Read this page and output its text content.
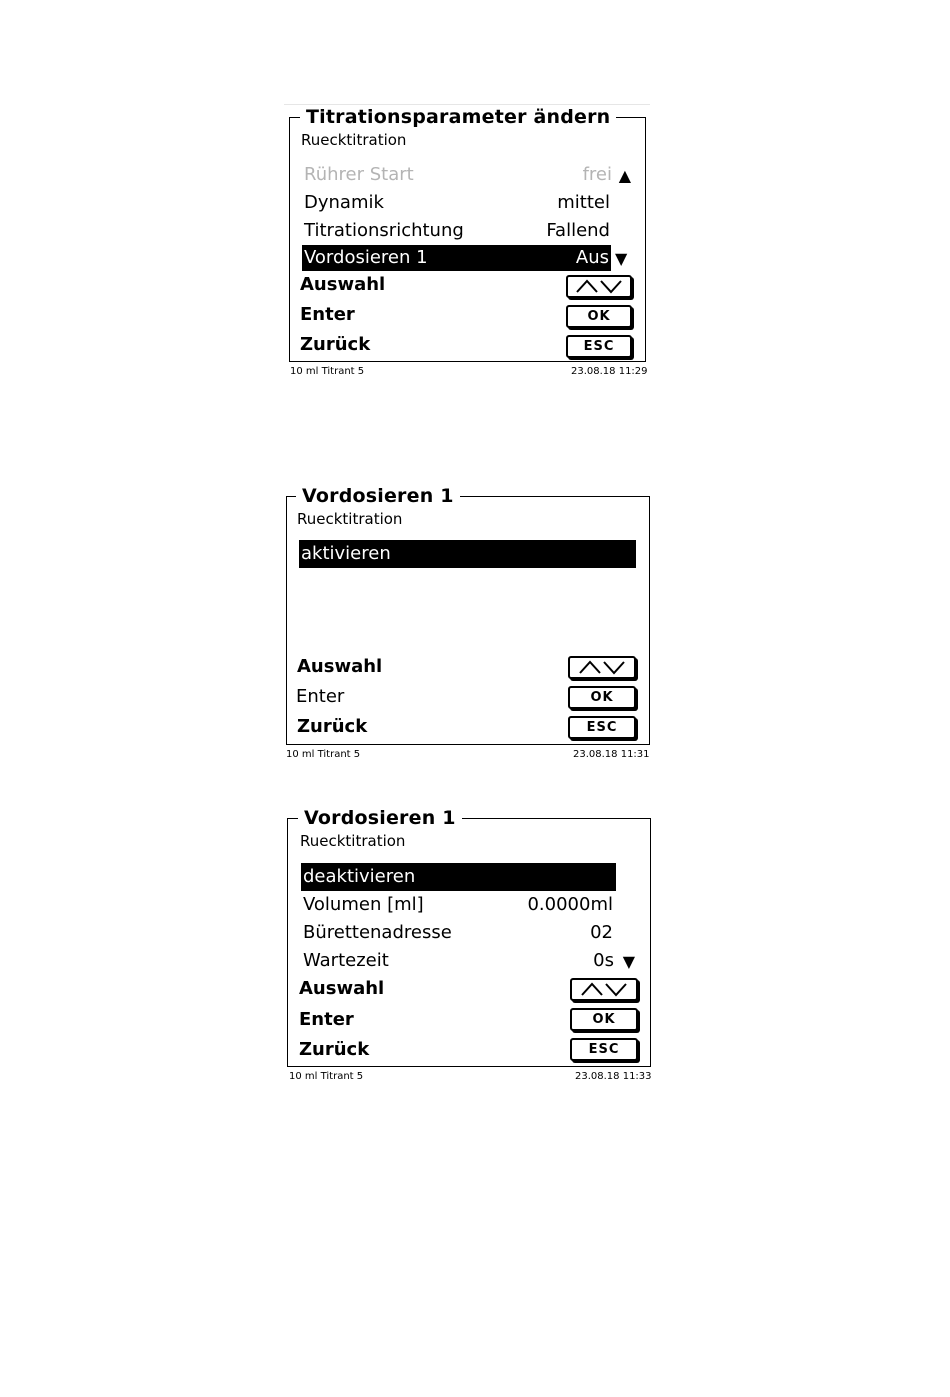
Titrationsparameter ändern
Ruecktitration
Rührer Start	frei ▲
Dynamik	mittel
Titrationsrichtung	Fallend
Vordosieren 1	Aus ▼
Auswahl
Enter	OK
Zurück	ESC
10 ml Titrant 5	23.08.18 11:29
Vordosieren 1
Ruecktitration
aktivieren
Auswahl
Enter	OK
Zurück	ESC
10 ml Titrant 5	23.08.18 11:31
Vordosieren 1
Ruecktitration
deaktivieren
Volumen [ml]	0.0000ml
Bürettenadresse	02
Wartezeit	0s ▼
Auswahl
Enter	OK
Zurück	ESC
10 ml Titrant 5	23.08.18 11:33
